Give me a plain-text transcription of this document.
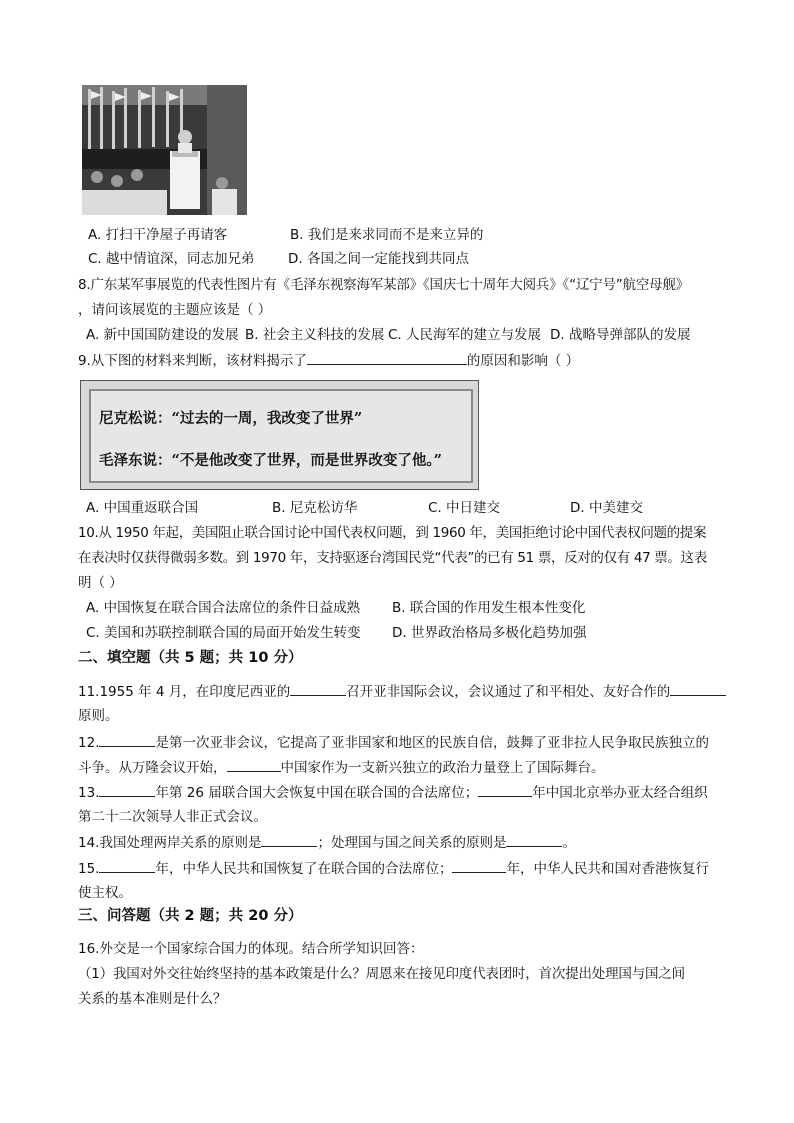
A. 打扫干净屋子再请客	B. 我们是来求同而不是来立异的
C. 越中情谊深，同志加兄弟 D. 各国之间一定能找到共同点
8.广东某军事展览的代表性图片有《毛泽东视察海军某部》《国庆七十周年大阅兵》《“辽宁号”航空母舰》
，请问该展览的主题应该是（ ）
A. 新中国国防建设的发展 B. 社会主义科技的发展 C. 人民海军的建立与发展 D. 战略导弹部队的发展
9.从下图的材料来判断，该材料揭示了	的原因和影响（ ）
尼克松说：“过去的一周，我改变了世界”
毛泽东说：“不是他改变了世界，而是世界改变了他。”
A. 中国重返联合国	B. 尼克松访华	C. 中日建交	D. 中美建交
10.从 1950 年起，美国阻止联合国讨论中国代表权问题，到 1960 年，美国拒绝讨论中国代表权问题的提案
在表决时仅获得微弱多数。到 1970 年，支持驱逐台湾国民党“代表”的已有 51 票，反对的仅有 47 票。这表
明（ ）
A. 中国恢复在联合国合法席位的条件日益成熟 B. 联合国的作用发生根本性变化
C. 美国和苏联控制联合国的局面开始发生转变 D. 世界政治格局多极化趋势加强
二、填空题（共 5 题；共 10 分）
11.1955 年 4 月，在印度尼西亚的	召开亚非国际会议，会议通过了和平相处、友好合作的
原则。
12.	是第一次亚非会议，它提高了亚非国家和地区的民族自信，鼓舞了亚非拉人民争取民族独立的
斗争。从万隆会议开始，	中国家作为一支新兴独立的政治力量登上了国际舞台。
13.	年第 26 届联合国大会恢复中国在联合国的合法席位；	年中国北京举办亚太经合组织
第二十二次领导人非正式会议。
14.我国处理两岸关系的原则是	；处理国与国之间关系的原则是	。
15.	年，中华人民共和国恢复了在联合国的合法席位；	年，中华人民共和国对香港恢复行
使主权。
三、问答题（共 2 题；共 20 分）
16.外交是一个国家综合国力的体现。结合所学知识回答：
（1）我国对外交往始终坚持的基本政策是什么？周恩来在接见印度代表团时，首次提出处理国与国之间
关系的基本准则是什么？
